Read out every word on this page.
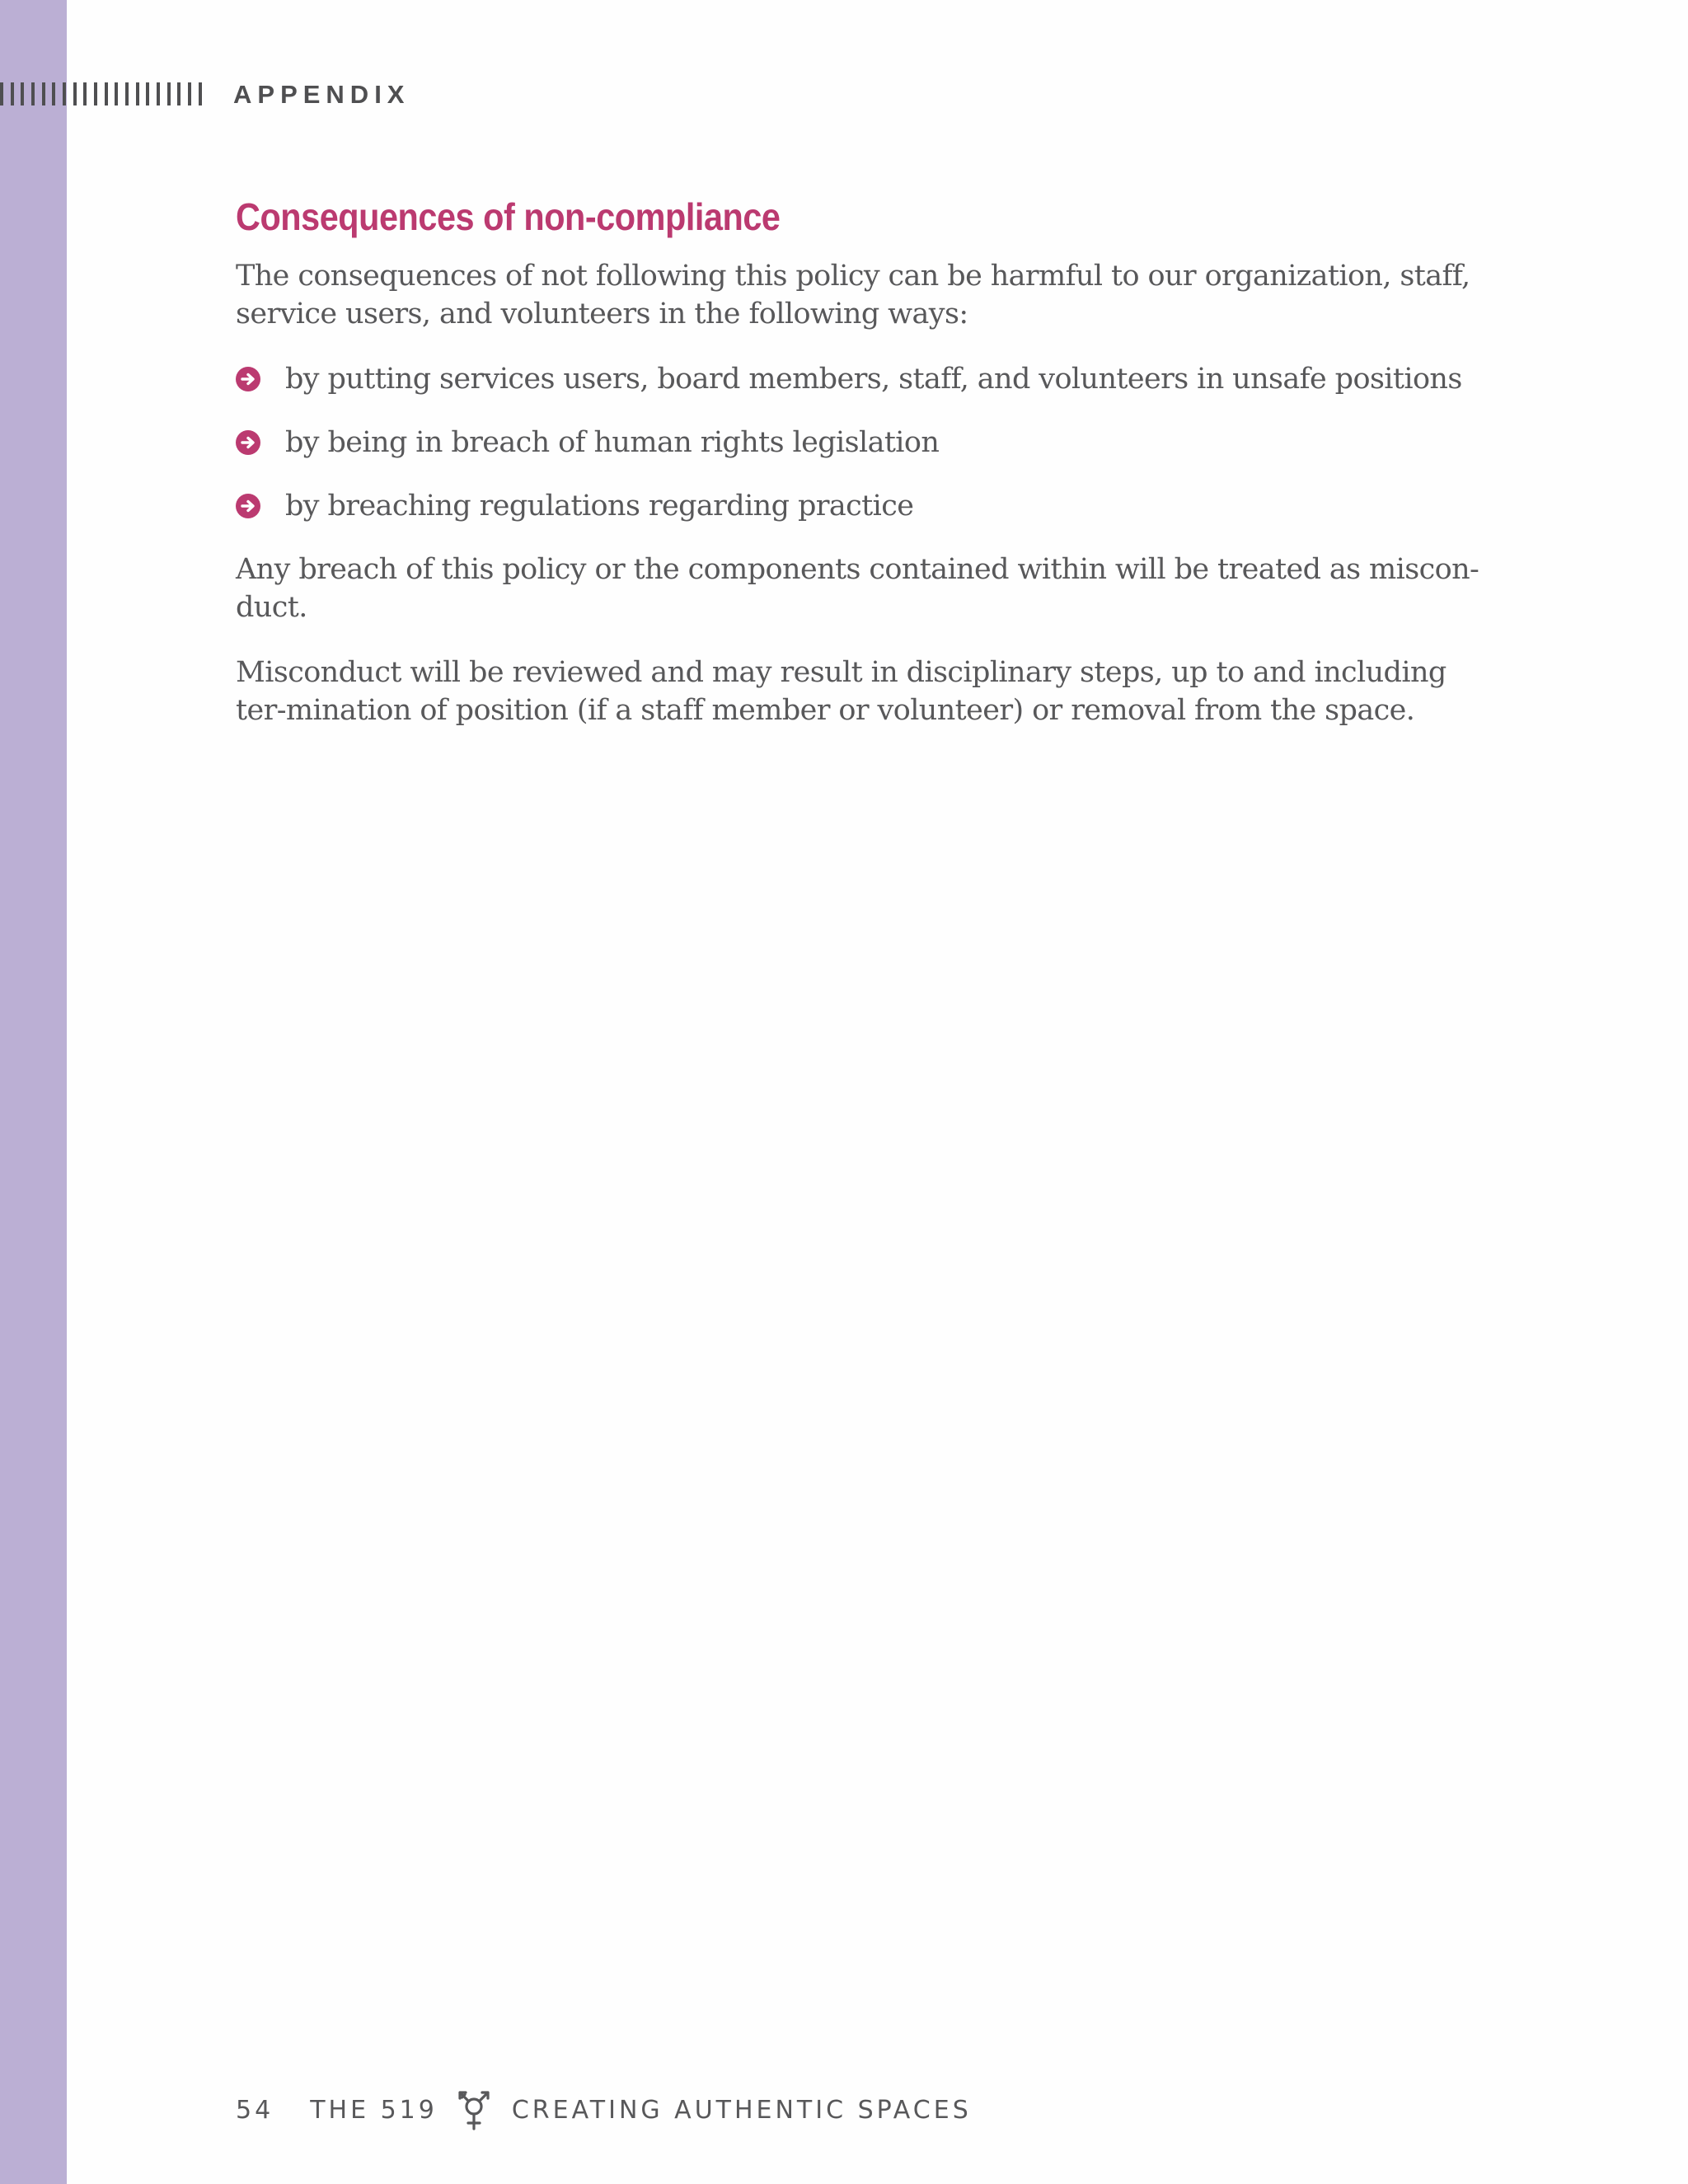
APPENDIX
Consequences of non-compliance

The consequences of not following this policy can be harmful to our organization, staff, service users, and volunteers in the following ways:

by putting services users, board members, staff, and volunteers in unsafe positions
by being in breach of human rights legislation
by breaching regulations regarding practice

Any breach of this policy or the components contained within will be treated as miscon-duct.

Misconduct will be reviewed and may result in disciplinary steps, up to and including ter-mination of position (if a staff member or volunteer) or removal from the space.

54 THE 519	CREATING AUTHENTIC SPACES
